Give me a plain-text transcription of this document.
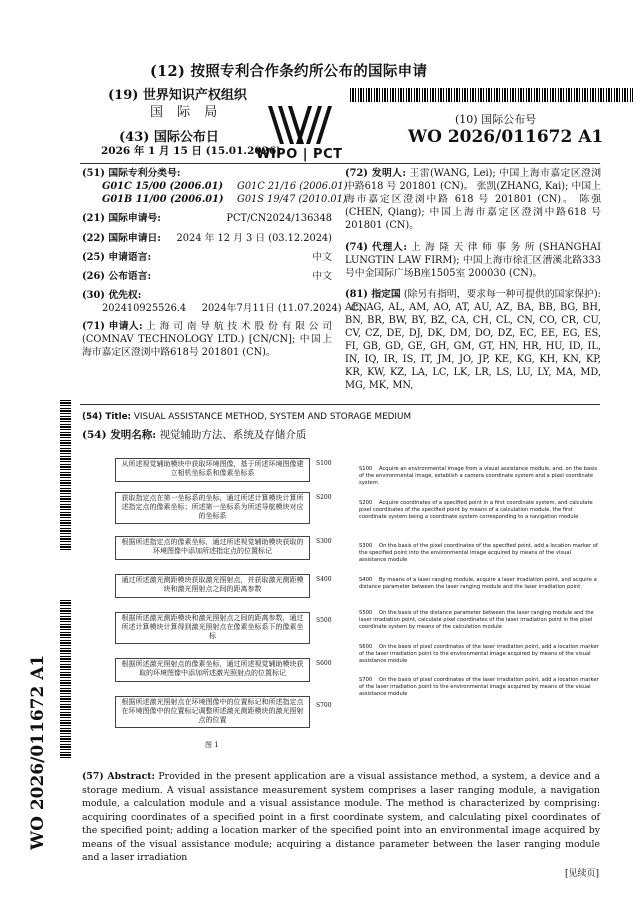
(12) 按照专利合作条约所公布的国际申请
(19) 世界知识产权组织
国 际 局
(43) 国际公布日
2026 年 1 月 15 日 (15.01.2026)
WIPO | PCT
(10) 国际公布号
WO 2026/011672 A1
(51) 国际专利分类号:
G01C 15/00 (2006.01)	G01C 21/16 (2006.01)
G01B 11/00 (2006.01)	G01S 19/47 (2010.01)
(21) 国际申请号:	PCT/CN2024/136348
(22) 国际申请日: 2024 年 12 月 3 日 (03.12.2024)
(25) 申请语言:	中文
(26) 公布语言:	中文
(30) 优先权:
202410925526.4     2024年7月11日 (11.07.2024)   CN
(71) 申请人: 上 海 司 南 导 航 技 术 股 份 有 限 公 司 (COMNAV TECHNOLOGY LTD.) [CN/CN]; 中国上海市嘉定区澄浏中路618号 201801 (CN)。
(72) 发明人: 王雷(WANG, Lei); 中国上海市嘉定区澄浏中路618 号 201801 (CN)。 张凯(ZHANG, Kai); 中国上海市嘉定区澄浏中路 618 号 201801 (CN)。 陈强(CHEN, Qiang); 中国上海市嘉定区澄浏中路618 号 201801 (CN)。
(74) 代理人: 上 海 隆 天 律 师 事 务 所 (SHANGHAI LUNGTIN LAW FIRM); 中国上海市徐汇区漕溪北路333号中金国际广场B座1505室 200030 (CN)。
(81) 指定国 (除另有指明，要求每一种可提供的国家保护): AE, AG, AL, AM, AO, AT, AU, AZ, BA, BB, BG, BH, BN, BR, BW, BY, BZ, CA, CH, CL, CN, CO, CR, CU, CV, CZ, DE, DJ, DK, DM, DO, DZ, EC, EE, EG, ES, FI, GB, GD, GE, GH, GM, GT, HN, HR, HU, ID, IL, IN, IQ, IR, IS, IT, JM, JO, JP, KE, KG, KH, KN, KP, KR, KW, KZ, LA, LC, LK, LR, LS, LU, LY, MA, MD, MG, MK, MN,
(54) Title: VISUAL ASSISTANCE METHOD, SYSTEM AND STORAGE MEDIUM
(54) 发明名称: 视觉辅助方法、系统及存储介质
WO 2026/011672 A1
从所述视觉辅助模块中获取环境图像，基于所述环境图像建立相机坐标系和像素坐标系
S100
获取指定点在第一坐标系的坐标，通过所述计算模块计算所述指定点的像素坐标；所述第一坐标系为所述导航模块对应的坐标系
S200
根据所述指定点的像素坐标，通过所述视觉辅助模块获取的环境图像中添加所述指定点的位置标记
S300
通过所述激光测距模块获取激光照射点，并获取激光测距模块和激光照射点之间的距离参数
S400
根据所述激光测距模块和激光照射点之间的距离参数，通过所述计算模块计算得到激光照射点在像素坐标系下的像素坐标
S500
根据所述激光照射点的像素坐标，通过所述视觉辅助模块获取的环境图像中添加所述激光照射点的位置标记
S600
根据所述激光照射点在环境图像中的位置标记和所述指定点在环境图像中的位置标记调整所述激光测距模块的激光照射点的位置
S700
图 1
S100 Acquire an environmental image from a visual assistance module, and, on the basis of the environmental image, establish a camera coordinate system and a pixel coordinate system
S200 Acquire coordinates of a specified point in a first coordinate system, and calculate pixel coordinates of the specified point by means of a calculation module, the first coordinate system being a coordinate system corresponding to a navigation module
S300 On the basis of the pixel coordinates of the specified point, add a location marker of the specified point into the environmental image acquired by means of the visual assistance module
S400 By means of a laser ranging module, acquire a laser irradiation point, and acquire a distance parameter between the laser ranging module and the laser irradiation point
S500 On the basis of the distance parameter between the laser ranging module and the laser irradiation point, calculate pixel coordinates of the laser irradiation point in the pixel coordinate system by means of the calculation module
S600 On the basis of pixel coordinates of the laser irradiation point, add a location marker of the laser irradiation point to the environmental image acquired by means of the visual assistance module
S700 On the basis of pixel coordinates of the laser irradiation point, add a location marker of the laser irradiation point to the environmental image acquired by means of the visual assistance module
(57) Abstract: Provided in the present application are a visual assistance method, a system, a device and a storage medium. A visual assistance measurement system comprises a laser ranging module, a navigation module, a calculation module and a visual assistance module. The method is characterized by comprising: acquiring coordinates of a specified point in a first coordinate system, and calculating pixel coordinates of the specified point; adding a location marker of the specified point into an environmental image acquired by means of the visual assistance module; acquiring a distance parameter between the laser ranging module and a laser irradiation
[见续页]
